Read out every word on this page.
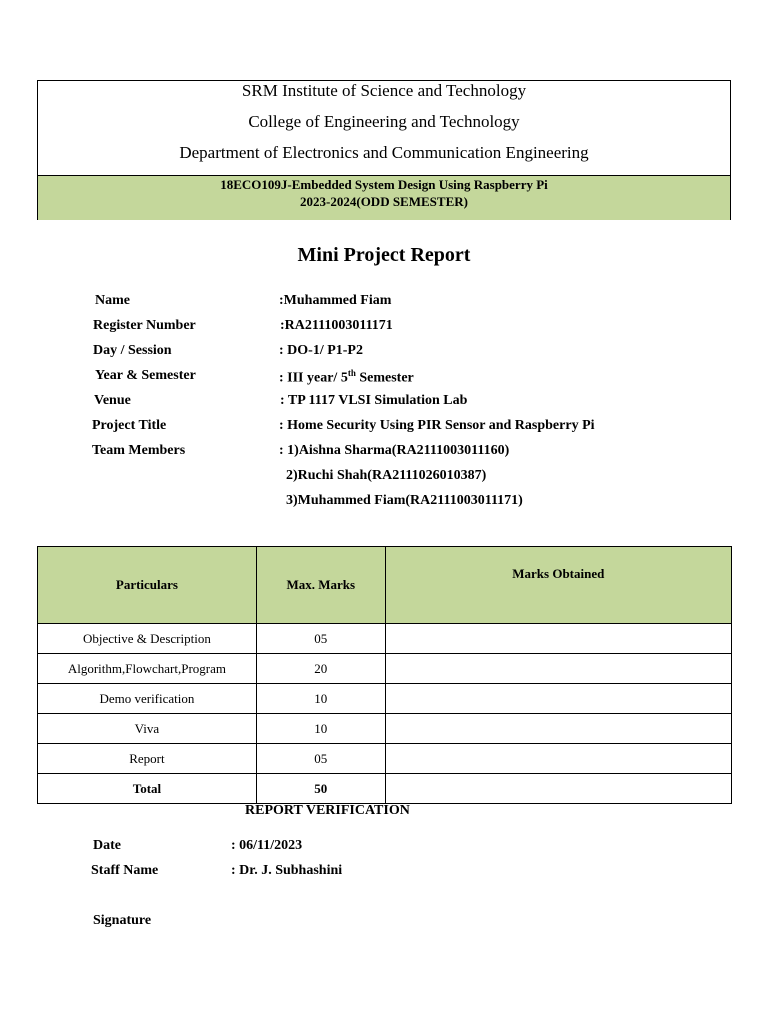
SRM Institute of Science and Technology
College of Engineering and Technology
Department of Electronics and Communication Engineering
18ECO109J-Embedded System Design Using Raspberry Pi
2023-2024(ODD SEMESTER)
Mini Project Report
Name	:Muhammed Fiam
Register Number	:RA2111003011171
Day / Session	: DO-1/ P1-P2
Year & Semester	: III year/ 5th Semester
Venue	: TP 1117 VLSI Simulation Lab
Project Title	: Home Security Using PIR Sensor and Raspberry Pi
Team Members	: 1)Aishna Sharma(RA2111003011160)
2)Ruchi Shah(RA2111026010387)
3)Muhammed Fiam(RA2111003011171)
Particulars	Max. Marks	Marks Obtained
Objective & Description	05	
Algorithm,Flowchart,Program	20	
Demo verification	10	
Viva	10	
Report	05	
Total	50	
REPORT VERIFICATION
Date	: 06/11/2023
Staff Name	: Dr. J. Subhashini
Signature
